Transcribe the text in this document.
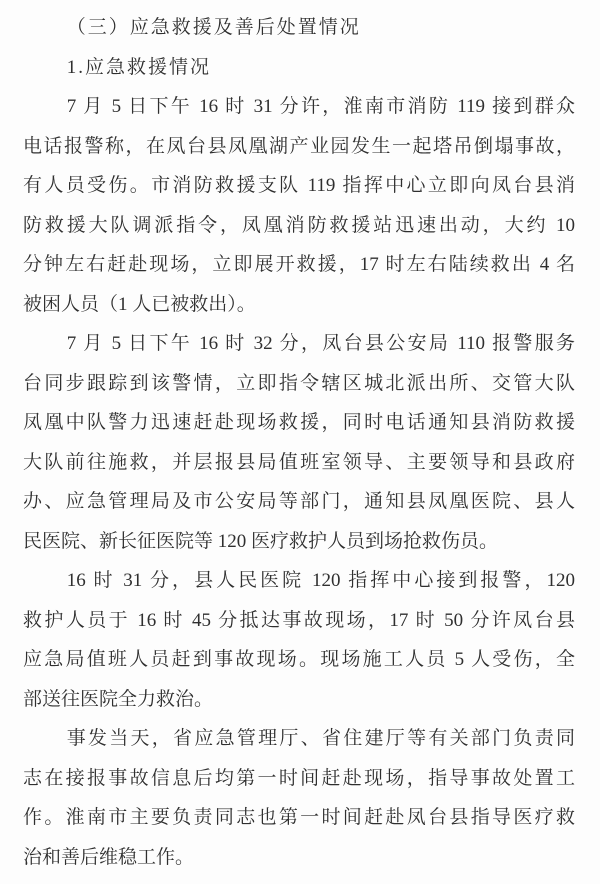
（三）应急救援及善后处置情况
1.应急救援情况
7 月 5 日下午 16 时 31 分许，淮南市消防 119 接到群众
电话报警称，在凤台县凤凰湖产业园发生一起塔吊倒塌事故，
有人员受伤。市消防救援支队 119 指挥中心立即向凤台县消
防救援大队调派指令，凤凰消防救援站迅速出动，大约 10
分钟左右赶赴现场，立即展开救援，17 时左右陆续救出 4 名
被困人员（1 人已被救出）。
7 月 5 日下午 16 时 32 分，凤台县公安局 110 报警服务
台同步跟踪到该警情，立即指令辖区城北派出所、交管大队
凤凰中队警力迅速赶赴现场救援，同时电话通知县消防救援
大队前往施救，并层报县局值班室领导、主要领导和县政府
办、应急管理局及市公安局等部门，通知县凤凰医院、县人
民医院、新长征医院等 120 医疗救护人员到场抢救伤员。
16 时 31 分，县人民医院 120 指挥中心接到报警，120
救护人员于 16 时 45 分抵达事故现场，17 时 50 分许凤台县
应急局值班人员赶到事故现场。现场施工人员 5 人受伤，全
部送往医院全力救治。
事发当天，省应急管理厅、省住建厅等有关部门负责同
志在接报事故信息后均第一时间赶赴现场，指导事故处置工
作。淮南市主要负责同志也第一时间赶赴凤台县指导医疗救
治和善后维稳工作。
